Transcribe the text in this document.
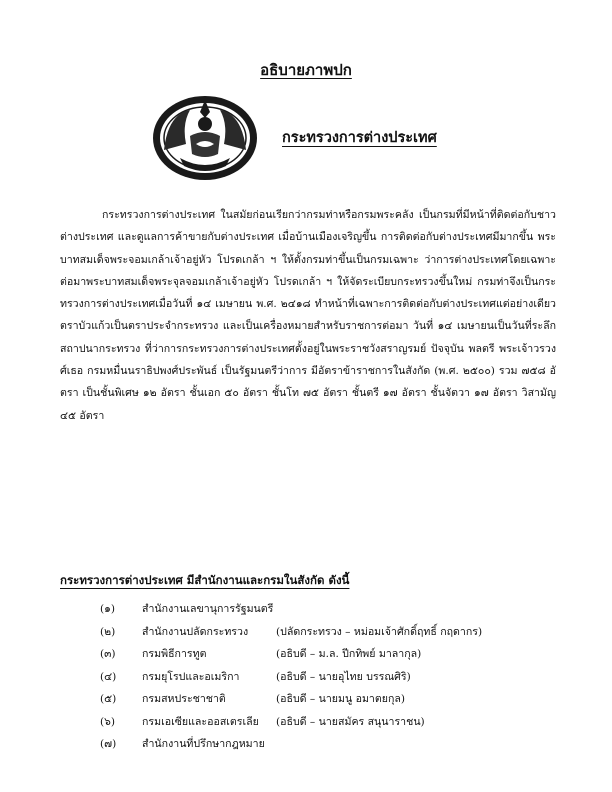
อธิบายภาพปก
กระทรวงการต่างประเทศ

กระทรวงการต่างประเทศ ในสมัยก่อนเรียกว่ากรมท่าหรือกรมพระคลัง เป็นกรมที่มีหน้าที่ติดต่อกับชาวต่างประเทศ และดูแลการค้าขายกับต่างประเทศ เมื่อบ้านเมืองเจริญขึ้น การติดต่อกับต่างประเทศมีมากขึ้น พระบาทสมเด็จพระจอมเกล้าเจ้าอยู่หัว โปรดเกล้า ฯ ให้ตั้งกรมท่าขึ้นเป็นกรมเฉพาะ ว่าการต่างประเทศโดยเฉพาะ ต่อมาพระบาทสมเด็จพระจุลจอมเกล้าเจ้าอยู่หัว โปรดเกล้า ฯ ให้จัดระเบียบกระทรวงขึ้นใหม่ กรมท่าจึงเป็นกระทรวงการต่างประเทศเมื่อวันที่ ๑๔ เมษายน พ.ศ. ๒๔๑๘ ทำหน้าที่เฉพาะการติดต่อกับต่างประเทศแต่อย่างเดียว ตราบัวแก้วเป็นตราประจำกระทรวง และเป็นเครื่องหมายสำหรับราชการต่อมา วันที่ ๑๔ เมษายนเป็นวันที่ระลึกสถาปนากระทรวง ที่ว่าการกระทรวงการต่างประเทศตั้งอยู่ในพระราชวังสราญรมย์ ปัจจุบัน พลตรี พระเจ้าวรวงศ์เธอ กรมหมื่นนราธิปพงศ์ประพันธ์ เป็นรัฐมนตรีว่าการ มีอัตราข้าราชการในสังกัด (พ.ศ. ๒๕๐๐) รวม ๗๕๘ อัตรา เป็นชั้นพิเศษ ๑๒ อัตรา ชั้นเอก ๕๐ อัตรา ชั้นโท ๗๕ อัตรา ชั้นตรี ๑๗ อัตรา ชั้นจัตวา ๑๗ อัตรา วิสามัญ ๔๕ อัตรา

กระทรวงการต่างประเทศ มีสำนักงานและกรมในสังกัด ดังนี้
(๑)	สำนักงานเลขานุการรัฐมนตรี
(๒)	สำนักงานปลัดกระทรวง	(ปลัดกระทรวง – หม่อมเจ้าศักดิ์ฤทธิ์ กฤดากร)
(๓) กรมพิธีการทูต	(อธิบดี – ม.ล. ปีกทิพย์ มาลากุล)
(๔) กรมยุโรปและอเมริกา	(อธิบดี – นายอุไทย บรรณศิริ)
(๕) กรมสหประชาชาติ	(อธิบดี – นายมนู อมาตยกุล)
(๖)	กรมเอเซียและออสเตรเลีย (อธิบดี – นายสมัคร สนุนาราชน)
(๗) สำนักงานที่ปรึกษากฎหมาย
